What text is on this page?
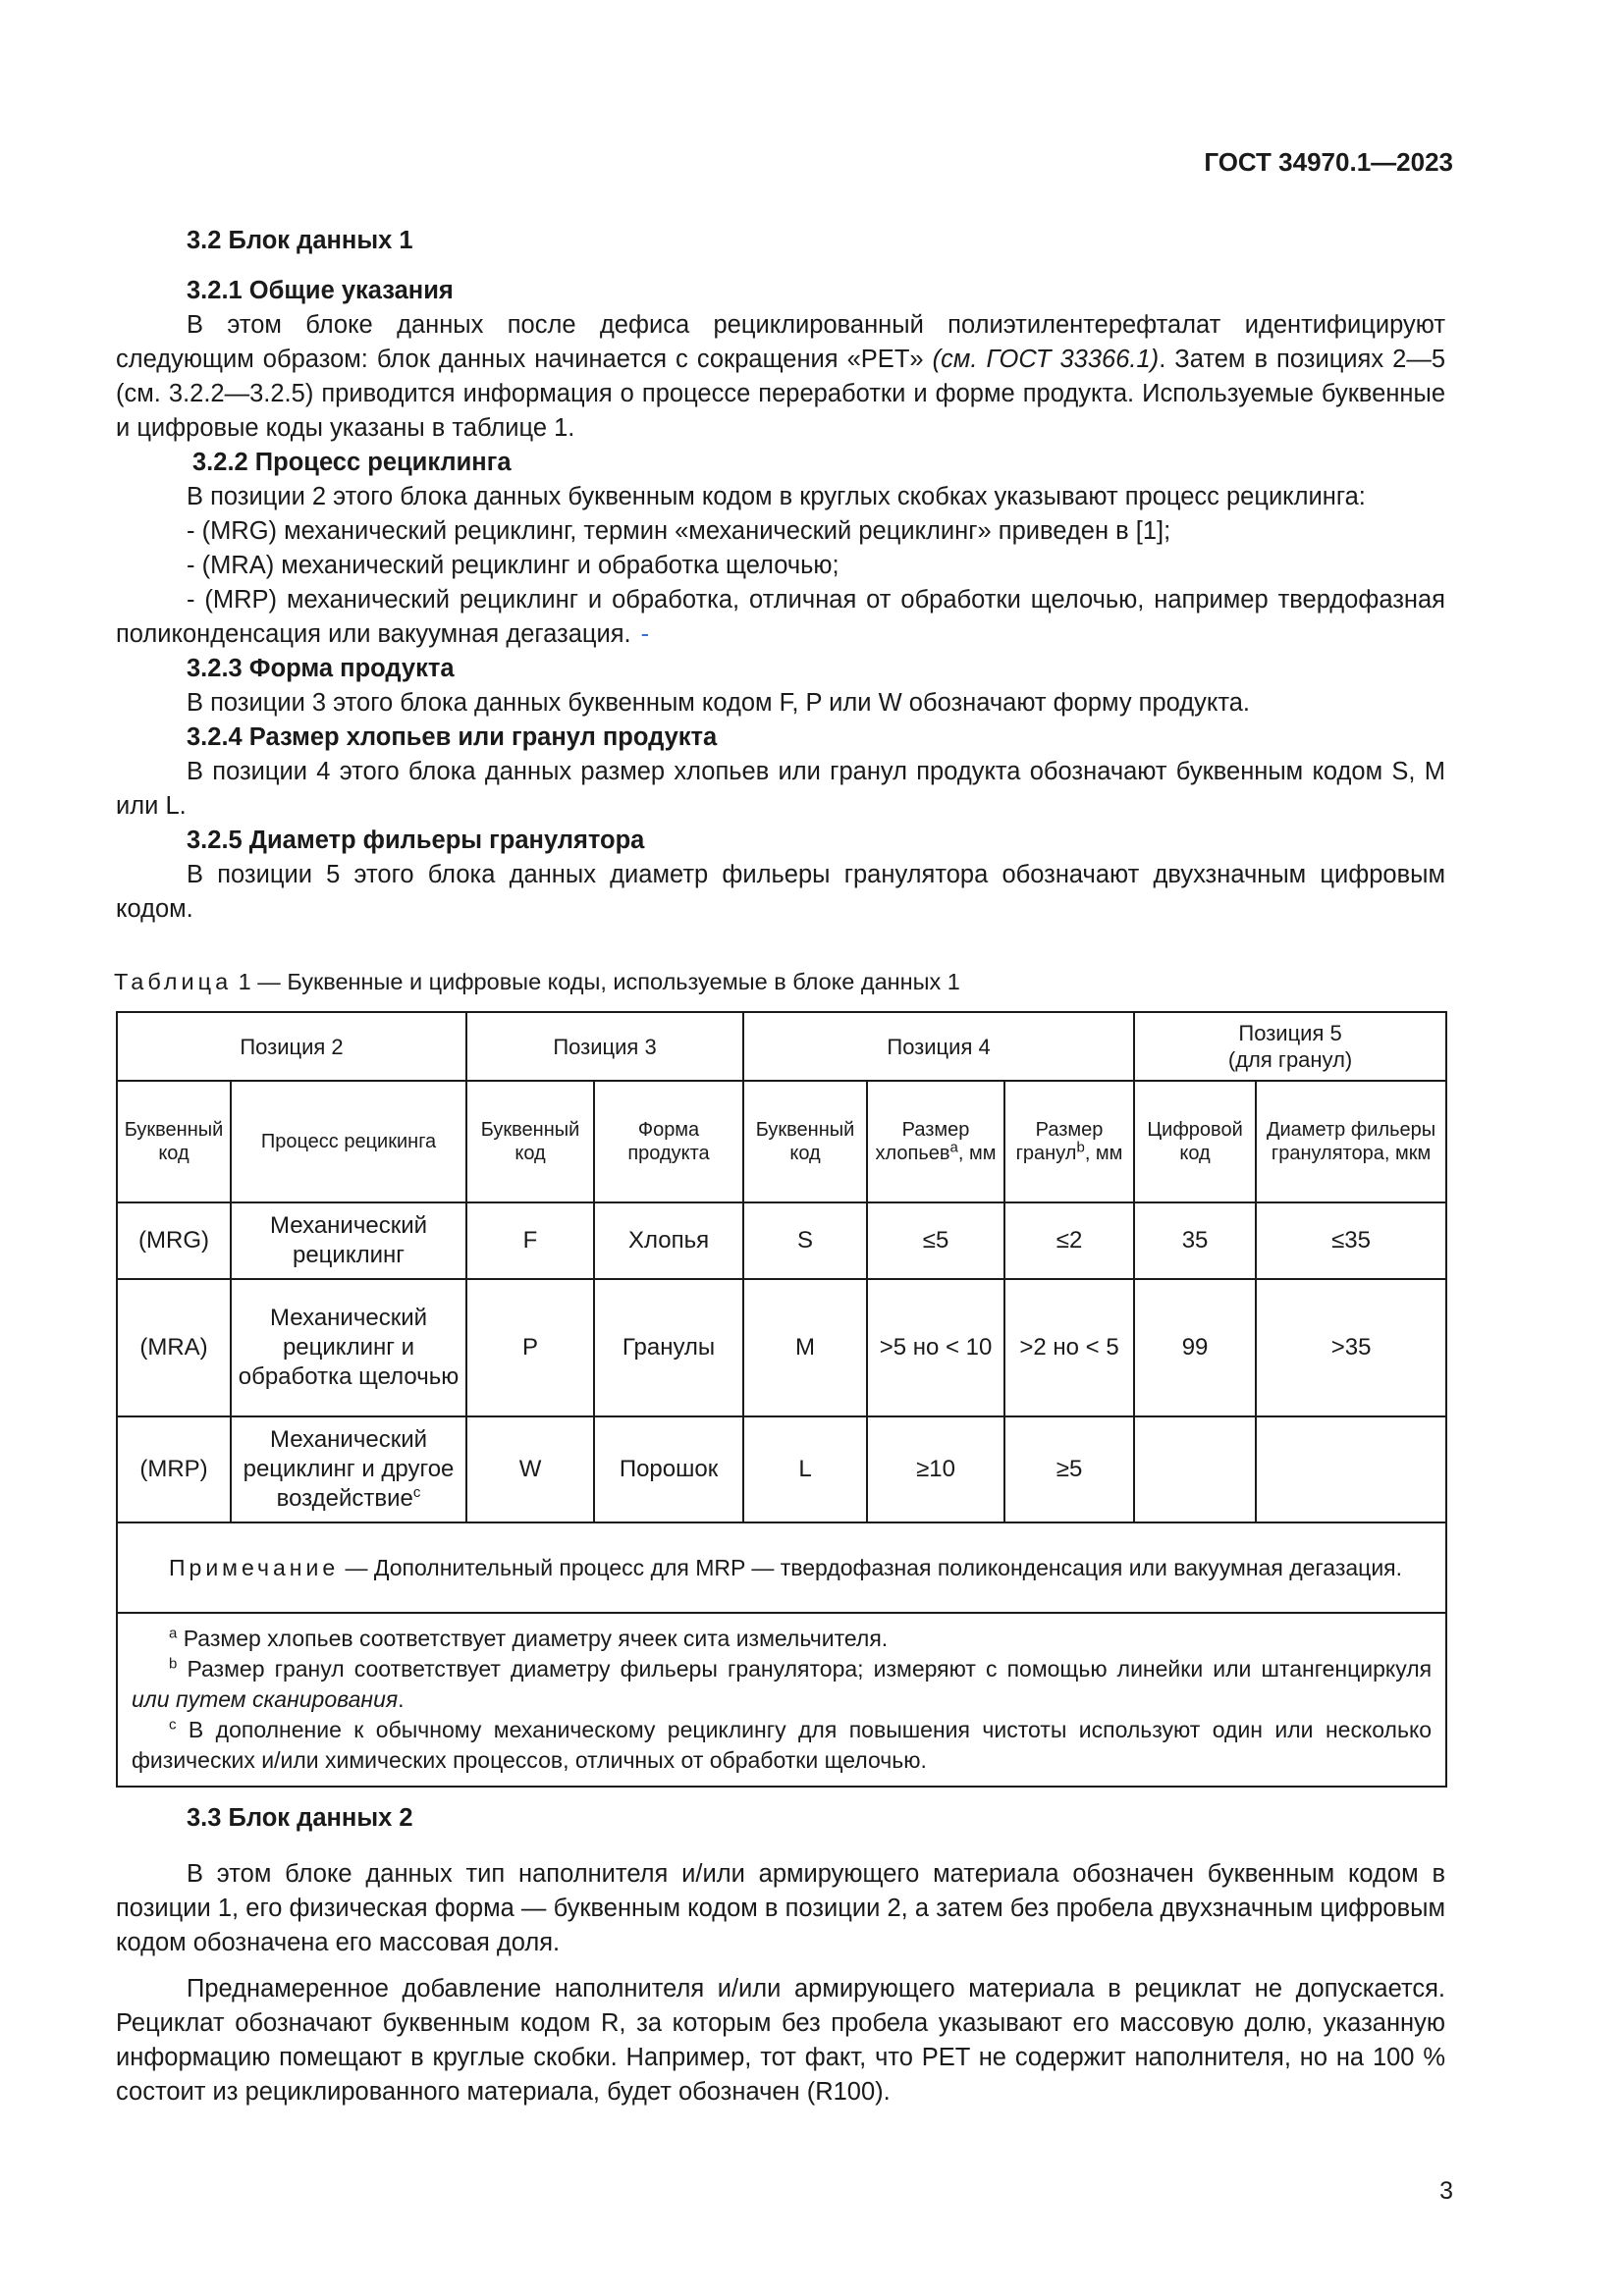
ГОСТ 34970.1—2023
3.2 Блок данных 1
3.2.1 Общие указания

В этом блоке данных после дефиса рециклированный полиэтилентерефталат идентифицируют следующим образом: блок данных начинается с сокращения «PET» (см. ГОСТ 33366.1). Затем в позициях 2—5 (см. 3.2.2—3.2.5) приводится информация о процессе переработки и форме продукта. Используемые буквенные и цифровые коды указаны в таблице 1.

3.2.2 Процесс рециклинга

В позиции 2 этого блока данных буквенным кодом в круглых скобках указывают процесс рециклинга:

- (MRG) механический рециклинг, термин «механический рециклинг» приведен в [1];

- (MRA) механический рециклинг и обработка щелочью;

- (MRP) механический рециклинг и обработка, отличная от обработки щелочью, например твердофазная поликонденсация или вакуумная дегазация. -

3.2.3 Форма продукта

В позиции 3 этого блока данных буквенным кодом F, P или W обозначают форму продукта.

3.2.4 Размер хлопьев или гранул продукта

В позиции 4 этого блока данных размер хлопьев или гранул продукта обозначают буквенным кодом S, M или L.

3.2.5 Диаметр фильеры гранулятора

В позиции 5 этого блока данных диаметр фильеры гранулятора обозначают двухзначным цифровым кодом.

Таблица 1 — Буквенные и цифровые коды, используемые в блоке данных 1
Позиция 2		Позиция 3		Позиция 4			Позиция 5
(для гранул)	

Буквенный код	Процесс рецикинга	Буквенный код	Форма продукта	Буквенный код	Размер хлопьев$^a$, мм	Размер гранул$^b$, мм	Цифровой код	Диаметр фильеры гранулятора, мкм
(MRG)	Механический рециклинг	F	Хлопья	S	≤5	≤2	35	≤35
(MRA)	Механический рециклинг и обработка щелочью	P	Гранулы	M	>5 но < 10	>2 но < 5	99	>35
(MRP)	Механический рециклинг и другое воздействие$^c$	W	Порошок	L	≥10	≥5		
Примечание — Дополнительный процесс для MRP — твердофазная поликонденсация или вакуумная дегазация.								

$^a$ Размер хлопьев соответствует диаметру ячеек сита измельчителя.

$^b$ Размер гранул соответствует диаметру фильеры гранулятора; измеряют с помощью линейки или штангенциркуля или путем сканирования.

$^c$ В дополнение к обычному механическому рециклингу для повышения чистоты используют один или несколько физических и/или химических процессов, отличных от обработки щелочью.								

3.3 Блок данных 2

В этом блоке данных тип наполнителя и/или армирующего материала обозначен буквенным кодом в позиции 1, его физическая форма — буквенным кодом в позиции 2, а затем без пробела двухзначным цифровым кодом обозначена его массовая доля.

Преднамеренное добавление наполнителя и/или армирующего материала в рециклат не допускается. Рециклат обозначают буквенным кодом R, за которым без пробела указывают его массовую долю, указанную информацию помещают в круглые скобки. Например, тот факт, что PET не содержит наполнителя, но на 100 % состоит из рециклированного материала, будет обозначен (R100).

3
